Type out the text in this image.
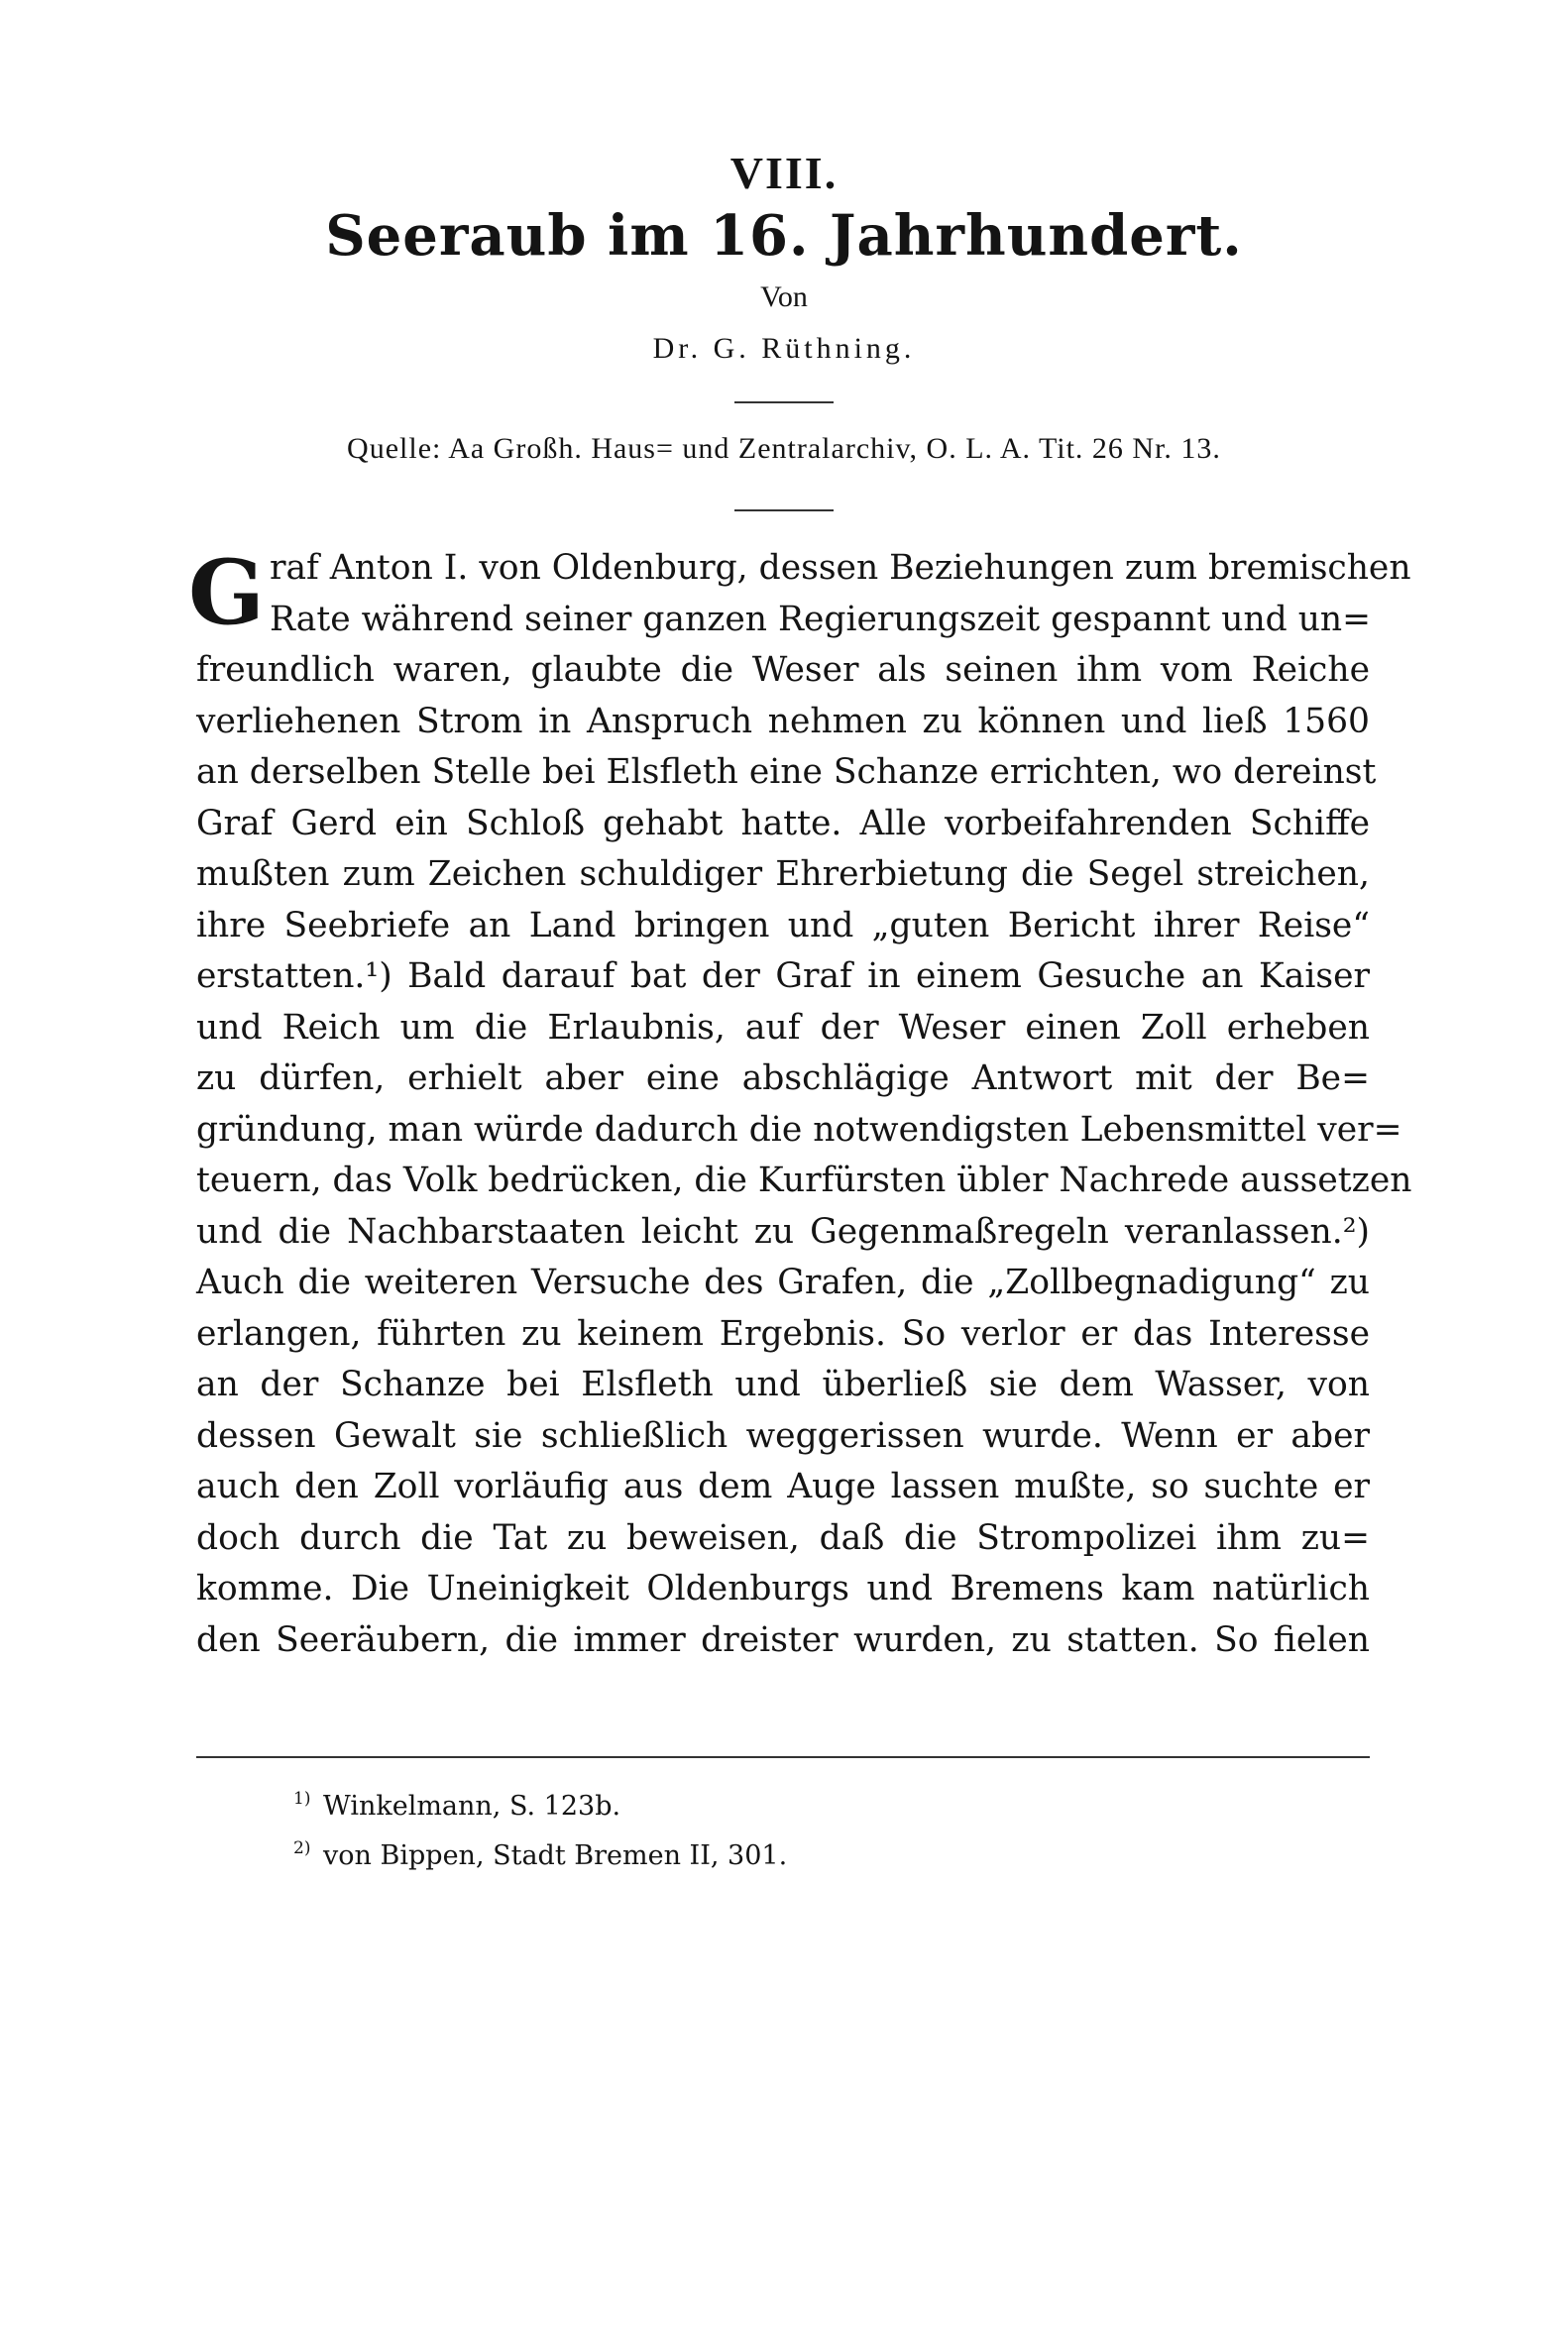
VIII.
Seeraub im 16. Jahrhundert.
Von
Dr. G. Rüthning.
Quelle: Aa Großh. Haus= und Zentralarchiv, O. L. A. Tit. 26 Nr. 13.
G raf Anton I. von Oldenburg, dessen Beziehungen zum bremischen
Rate während seiner ganzen Regierungszeit gespannt und un=
freundlich waren, glaubte die Weser als seinen ihm vom Reiche
verliehenen Strom in Anspruch nehmen zu können und ließ 1560
an derselben Stelle bei Elsfleth eine Schanze errichten, wo dereinst
Graf Gerd ein Schloß gehabt hatte. Alle vorbeifahrenden Schiffe
mußten zum Zeichen schuldiger Ehrerbietung die Segel streichen,
ihre Seebriefe an Land bringen und „guten Bericht ihrer Reise“
erstatten.¹) Bald darauf bat der Graf in einem Gesuche an Kaiser
und Reich um die Erlaubnis, auf der Weser einen Zoll erheben
zu dürfen, erhielt aber eine abschlägige Antwort mit der Be=
gründung, man würde dadurch die notwendigsten Lebensmittel ver=
teuern, das Volk bedrücken, die Kurfürsten übler Nachrede aussetzen
und die Nachbarstaaten leicht zu Gegenmaßregeln veranlassen.²)
Auch die weiteren Versuche des Grafen, die „Zollbegnadigung“ zu
erlangen, führten zu keinem Ergebnis. So verlor er das Interesse
an der Schanze bei Elsfleth und überließ sie dem Wasser, von
dessen Gewalt sie schließlich weggerissen wurde. Wenn er aber
auch den Zoll vorläufig aus dem Auge lassen mußte, so suchte er
doch durch die Tat zu beweisen, daß die Strompolizei ihm zu=
komme. Die Uneinigkeit Oldenburgs und Bremens kam natürlich
den Seeräubern, die immer dreister wurden, zu statten. So fielen
$^{1)}$ Winkelmann, S. 123b.
$^{2)}$ von Bippen, Stadt Bremen II, 301.
